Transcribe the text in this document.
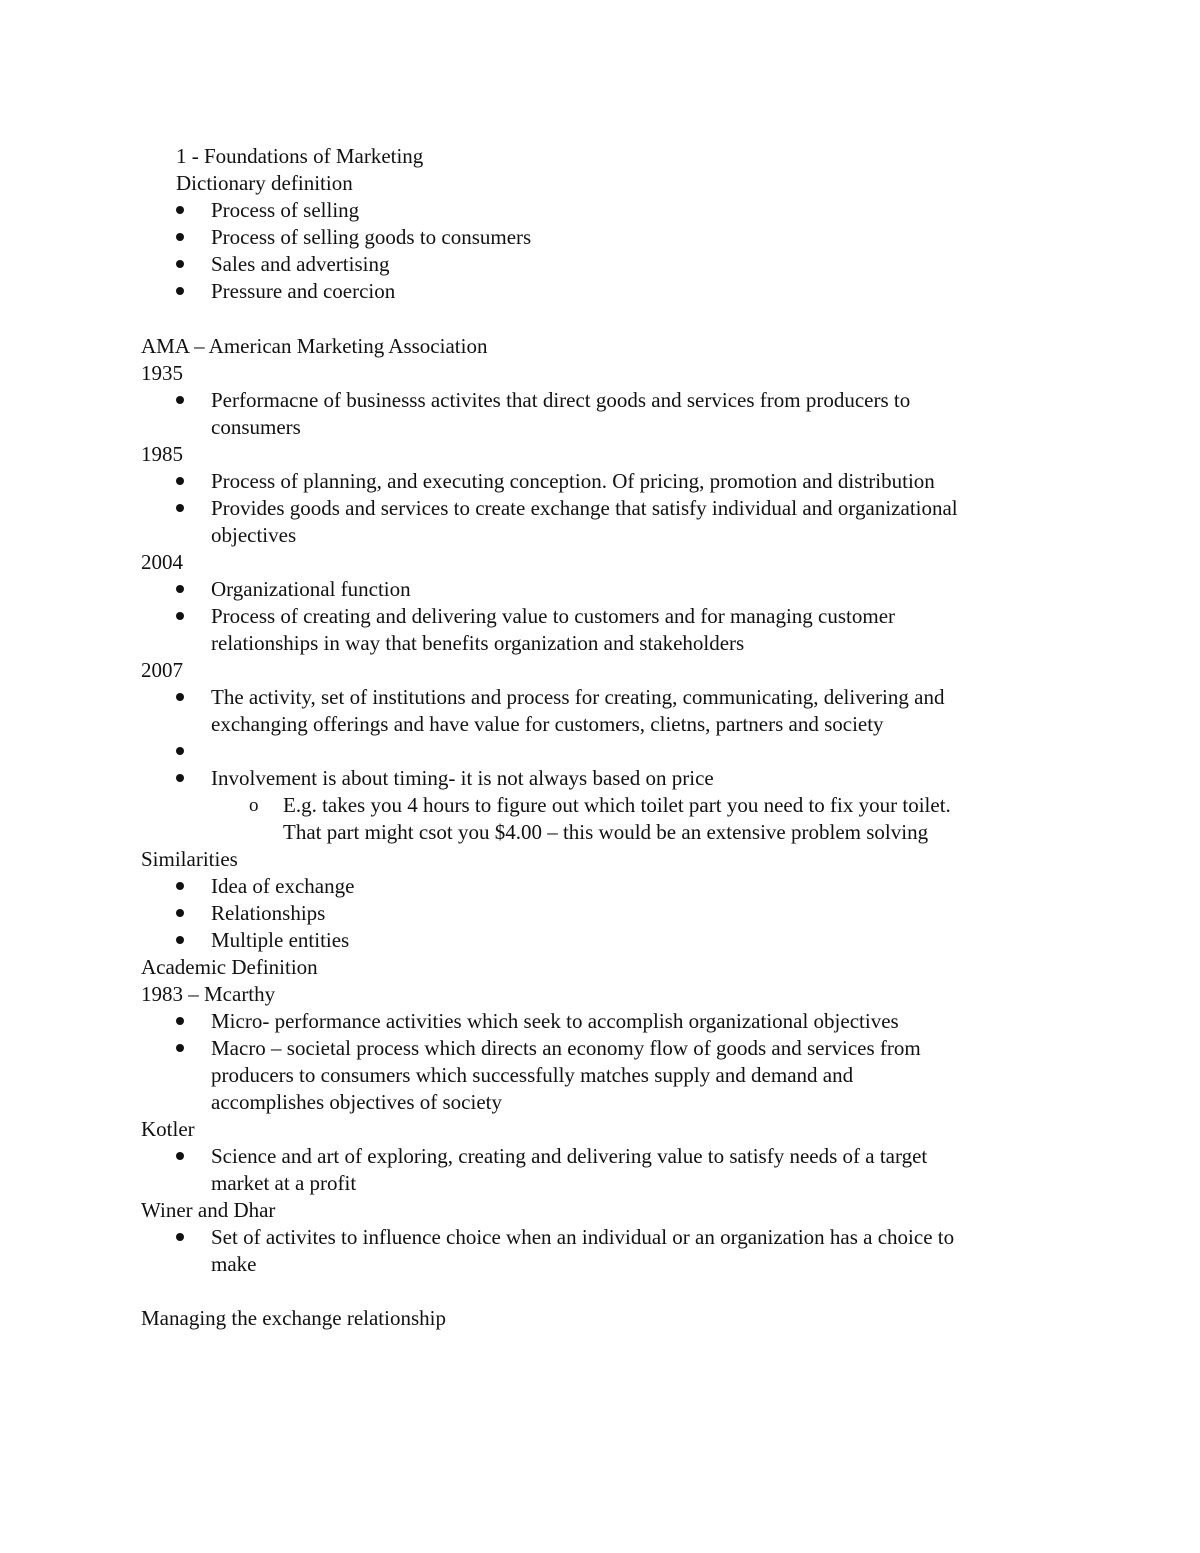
1 - Foundations of Marketing
Dictionary definition
Process of selling
Process of selling goods to consumers
Sales and advertising
Pressure and coercion
AMA – American Marketing Association
1935
Performacne of businesss activites that direct goods and services from producers to
consumers
1985
Process of planning, and executing conception. Of pricing, promotion and distribution
Provides goods and services to create exchange that satisfy individual and organizational
objectives
2004
Organizational function
Process of creating and delivering value to customers and for managing customer
relationships in way that benefits organization and stakeholders
2007
The activity, set of institutions and process for creating, communicating, delivering and
exchanging offerings and have value for customers, clietns, partners and society
Involvement is about timing- it is not always based on price
o E.g. takes you 4 hours to figure out which toilet part you need to fix your toilet.
That part might csot you $4.00 – this would be an extensive problem solving
Similarities
Idea of exchange
Relationships
Multiple entities
Academic Definition
1983 – Mcarthy
Micro- performance activities which seek to accomplish organizational objectives
Macro – societal process which directs an economy flow of goods and services from
producers to consumers which successfully matches supply and demand and
accomplishes objectives of society
Kotler
Science and art of exploring, creating and delivering value to satisfy needs of a target
market at a profit
Winer and Dhar
Set of activites to influence choice when an individual or an organization has a choice to
make
Managing the exchange relationship
